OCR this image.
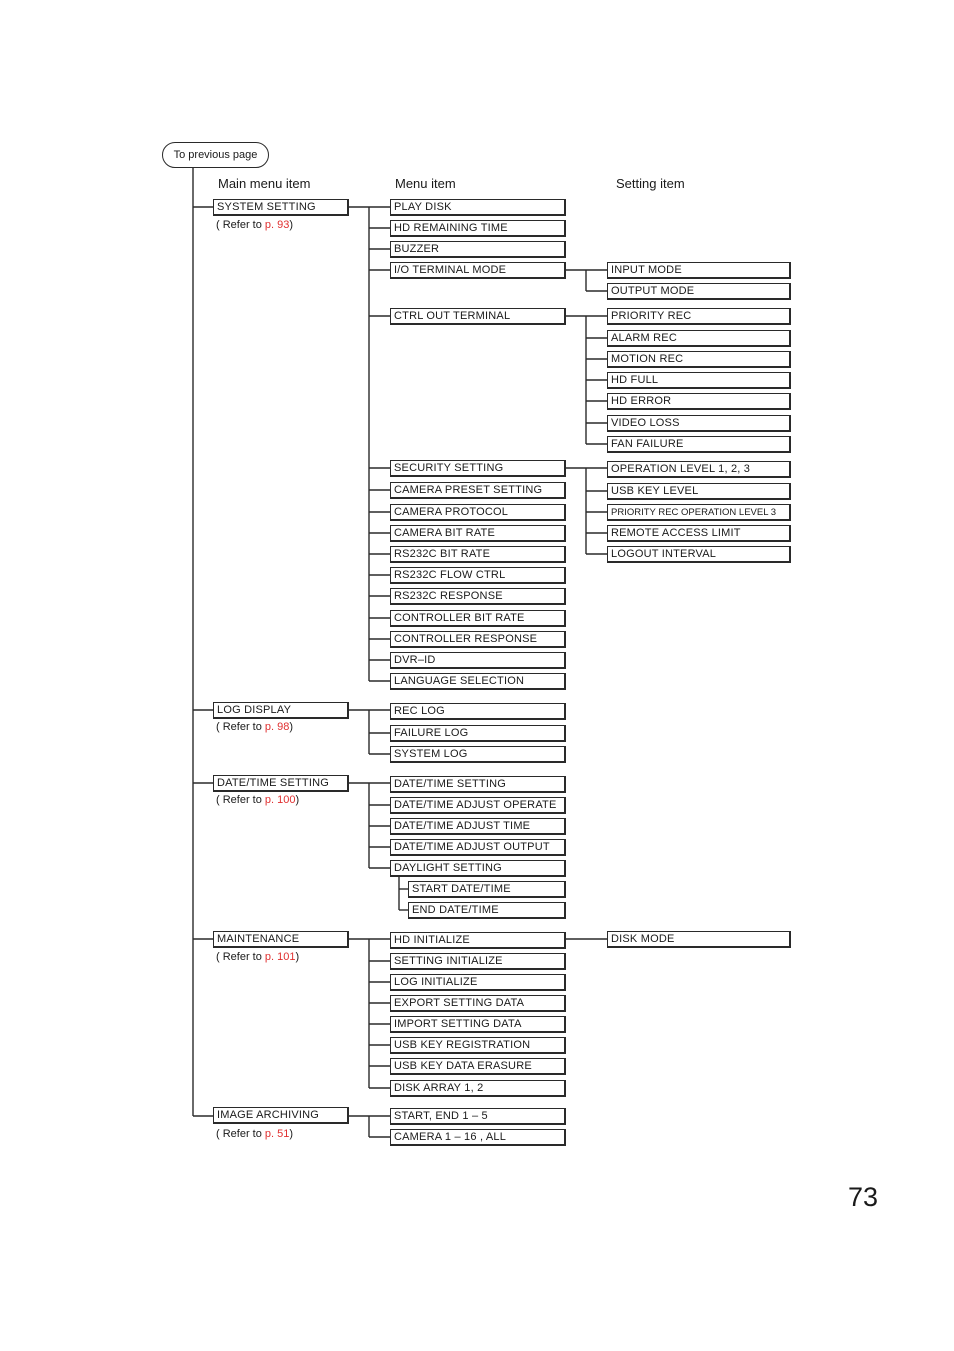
To previous page
Main menu item	Menu item	Setting item
SYSTEM SETTING
( Refer to p. 93)
LOG DISPLAY
( Refer to p. 98)
DATE/TIME SETTING
( Refer to p. 100)
MAINTENANCE
( Refer to p. 101)
IMAGE ARCHIVING
( Refer to p. 51)
PLAY DISK
HD REMAINING TIME
BUZZER
I/O TERMINAL MODE
CTRL OUT TERMINAL
SECURITY SETTING
CAMERA PRESET SETTING
CAMERA PROTOCOL
CAMERA BIT RATE
RS232C BIT RATE
RS232C FLOW CTRL
RS232C RESPONSE
CONTROLLER BIT RATE
CONTROLLER RESPONSE
DVR–ID
LANGUAGE SELECTION
REC LOG
FAILURE LOG
SYSTEM LOG
DATE/TIME SETTING
DATE/TIME ADJUST OPERATE
DATE/TIME ADJUST TIME
DATE/TIME ADJUST OUTPUT
DAYLIGHT SETTING
START DATE/TIME
END DATE/TIME
HD INITIALIZE
SETTING INITIALIZE
LOG INITIALIZE
EXPORT SETTING DATA
IMPORT SETTING DATA
USB KEY REGISTRATION
USB KEY DATA ERASURE
DISK ARRAY 1, 2
START, END 1 – 5
CAMERA 1 – 16 , ALL
INPUT MODE
OUTPUT MODE
PRIORITY REC
ALARM REC
MOTION REC
HD FULL
HD ERROR
VIDEO LOSS
FAN FAILURE
OPERATION LEVEL 1, 2, 3
USB KEY LEVEL
PRIORITY REC OPERATION LEVEL 3
REMOTE ACCESS LIMIT
LOGOUT INTERVAL
DISK MODE
73
